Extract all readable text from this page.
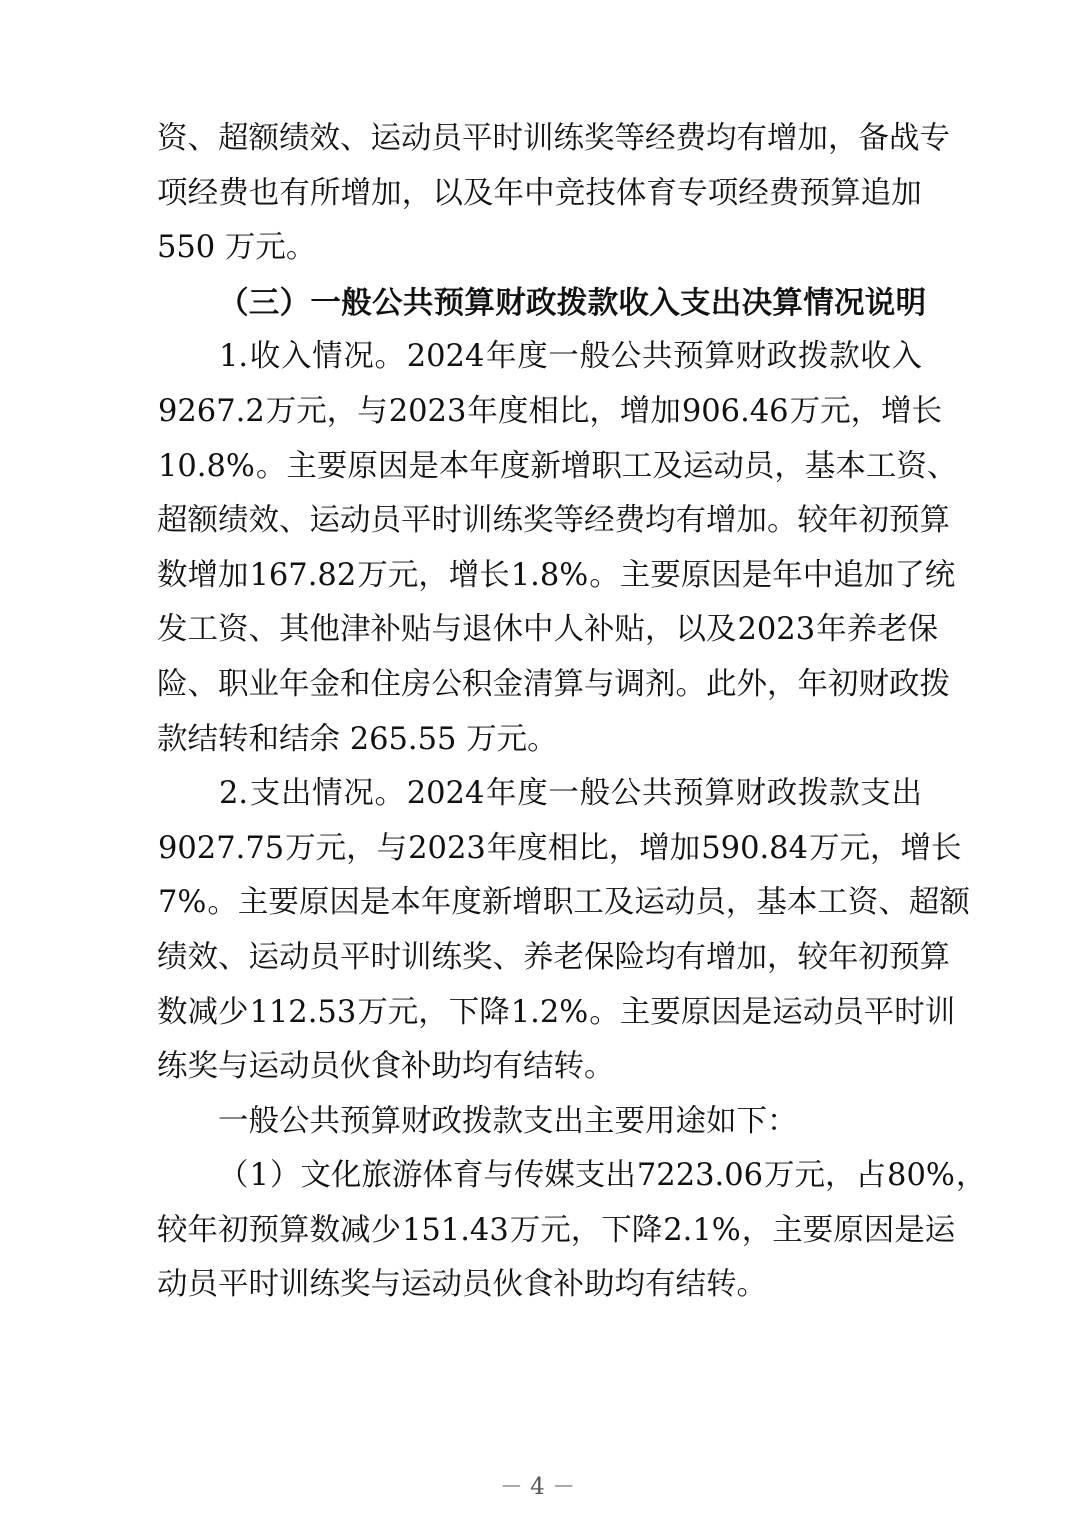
资 、 超 额 绩 效 、 运 动 员 平 时 训 练 奖 等 经 费 均 有 增 加 ， 备 战 专
项 经 费 也 有 所 增 加 ， 以 及 年 中 竞 技 体 育 专 项 经 费 预 算 追 加
550 万元。
（三）一般公共预算财政拨款收入支出决算情况说明
1. 收 入 情 况 。 2024 年 度 一 般 公 共 预 算 财 政 拨 款 收 入
9267.2 万 元 ， 与 2023 年 度 相 比 ， 增 加 906.46 万 元 ， 增 长
10.8% 。 主 要 原 因 是 本 年 度 新 增 职 工 及 运 动 员 ， 基 本 工 资 、
超 额 绩 效 、 运 动 员 平 时 训 练 奖 等 经 费 均 有 增 加 。 较 年 初 预 算
数 增 加 167.82 万 元 ， 增 长 1.8% 。 主 要 原 因 是 年 中 追 加 了 统
发 工 资 、 其 他 津 补 贴 与 退 休 中 人 补 贴 ， 以 及 2023 年 养 老 保
险 、 职 业 年 金 和 住 房 公 积 金 清 算 与 调 剂 。 此 外 ， 年 初 财 政 拨
款结转和结余 265.55 万元。
2. 支 出 情 况 。 2024 年 度 一 般 公 共 预 算 财 政 拨 款 支 出
9027.75 万 元 ， 与 2023 年 度 相 比 ， 增 加 590.84 万 元 ， 增 长
7% 。 主 要 原 因 是 本 年 度 新 增 职 工 及 运 动 员 ， 基 本 工 资 、 超 额
绩 效 、 运 动 员 平 时 训 练 奖 、 养 老 保 险 均 有 增 加 ， 较 年 初 预 算
数 减 少 112.53 万 元 ， 下 降 1.2% 。 主 要 原 因 是 运 动 员 平 时 训
练奖与运动员伙食补助均有结转。
一般公共预算财政拨款支出主要用途如下：
（ 1 ） 文 化 旅 游 体 育 与 传 媒 支 出 7223.06 万 元 ， 占 80% ，
较 年 初 预 算 数 减 少 151.43 万 元 ， 下 降 2.1% ， 主 要 原 因 是 运
动员平时训练奖与运动员伙食补助均有结转。
－ 4 －
